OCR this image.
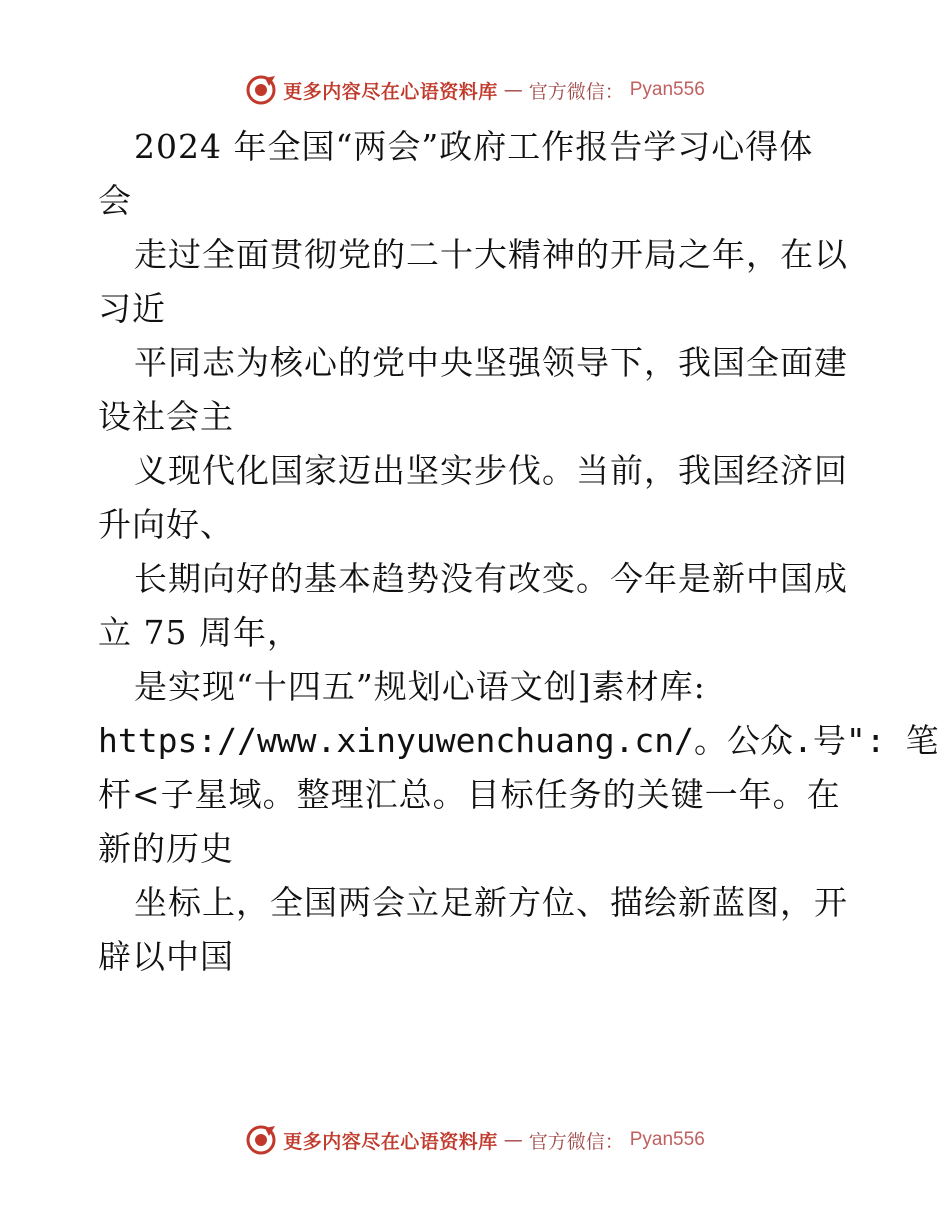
更多内容尽在心语资料库 — 官方微信： Pyan556
2024 年全国“两会”政府工作报告学习心得体
会
走过全面贯彻党的二十大精神的开局之年，在以
习近
平同志为核心的党中央坚强领导下，我国全面建
设社会主
义现代化国家迈出坚实步伐。当前，我国经济回
升向好、
长期向好的基本趋势没有改变。今年是新中国成
立 75 周年，
是实现“十四五”规划心语文创]素材库:
https://www.xinyuwenchuang.cn/。公众.号": 笔
杆<子星域。整理汇总。目标任务的关键一年。在
新的历史
坐标上，全国两会立足新方位、描绘新蓝图，开
辟以中国
更多内容尽在心语资料库 — 官方微信： Pyan556
